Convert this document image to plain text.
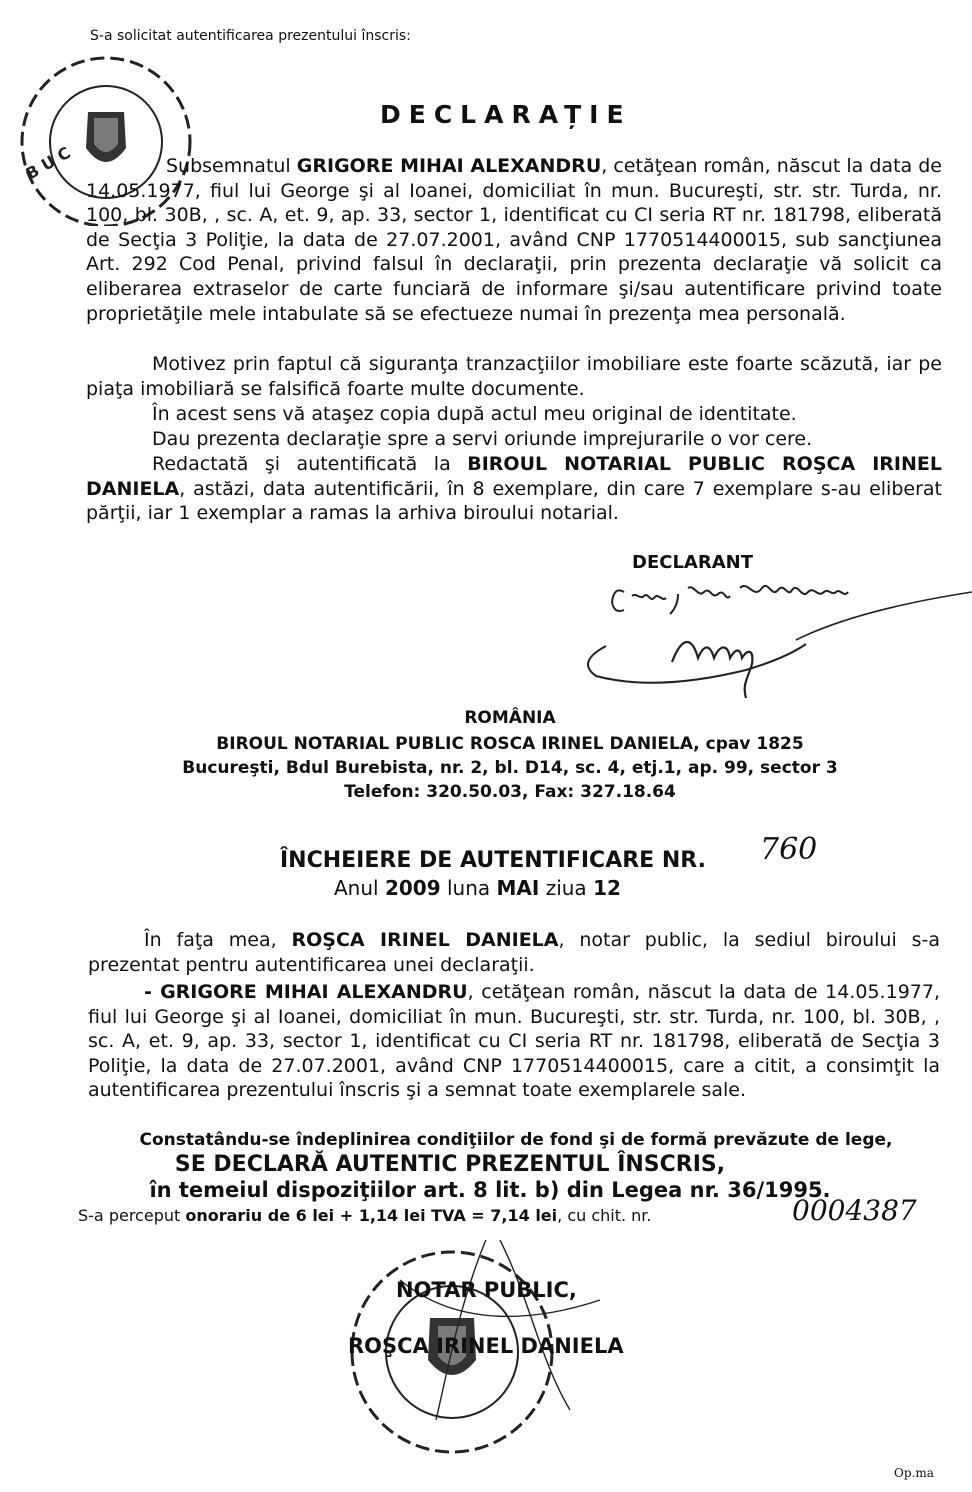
S-a solicitat autentificarea prezentului înscris:
B U C
DECLARAȚIE
Subsemnatul GRIGORE MIHAI ALEXANDRU, cetăţean român, născut la data de 14.05.1977, fiul lui George şi al Ioanei, domiciliat în mun. Bucureşti, str. str. Turda, nr. 100, bl. 30B, , sc. A, et. 9, ap. 33, sector 1, identificat cu CI seria RT nr. 181798, eliberată de Secţia 3 Poliţie, la data de 27.07.2001, având CNP 1770514400015, sub sancţiunea Art. 292 Cod Penal, privind falsul în declaraţii, prin prezenta declaraţie vă solicit ca eliberarea extraselor de carte funciară de informare şi/sau autentificare privind toate proprietăţile mele intabulate să se efectueze numai în prezenţa mea personală.
Motivez prin faptul că siguranţa tranzacţiilor imobiliare este foarte scăzută, iar pe piaţa imobiliară se falsifică foarte multe documente.
În acest sens vă ataşez copia după actul meu original de identitate.
Dau prezenta declaraţie spre a servi oriunde imprejurarile o vor cere.
Redactată şi autentificată la BIROUL NOTARIAL PUBLIC ROŞCA IRINEL DANIELA, astăzi, data autentificării, în 8 exemplare, din care 7 exemplare s-au eliberat părţii, iar 1 exemplar a ramas la arhiva biroului notarial.
DECLARANT
ROMÂNIA
BIROUL NOTARIAL PUBLIC ROSCA IRINEL DANIELA, cpav 1825
Bucureşti, Bdul Burebista, nr. 2, bl. D14, sc. 4, etj.1, ap. 99, sector 3
Telefon: 320.50.03, Fax: 327.18.64
ÎNCHEIERE DE AUTENTIFICARE NR. 760
Anul 2009 luna MAI ziua 12
În faţa mea, ROŞCA IRINEL DANIELA, notar public, la sediul biroului s-a prezentat pentru autentificarea unei declaraţii.
- GRIGORE MIHAI ALEXANDRU, cetăţean român, născut la data de 14.05.1977, fiul lui George şi al Ioanei, domiciliat în mun. Bucureşti, str. str. Turda, nr. 100, bl. 30B, , sc. A, et. 9, ap. 33, sector 1, identificat cu CI seria RT nr. 181798, eliberată de Secţia 3 Poliţie, la data de 27.07.2001, având CNP 1770514400015, care a citit, a consimţit la autentificarea prezentului înscris şi a semnat toate exemplarele sale.
Constatându-se îndeplinirea condiţiilor de fond şi de formă prevăzute de lege,
SE DECLARĂ AUTENTIC PREZENTUL ÎNSCRIS,
în temeiul dispoziţiilor art. 8 lit. b) din Legea nr. 36/1995.
S-a perceput onorariu de 6 lei + 1,14 lei TVA = 7,14 lei, cu chit. nr.	0004387
NOTAR PUBLIC,
ROŞCA IRINEL DANIELA
Op.ma
